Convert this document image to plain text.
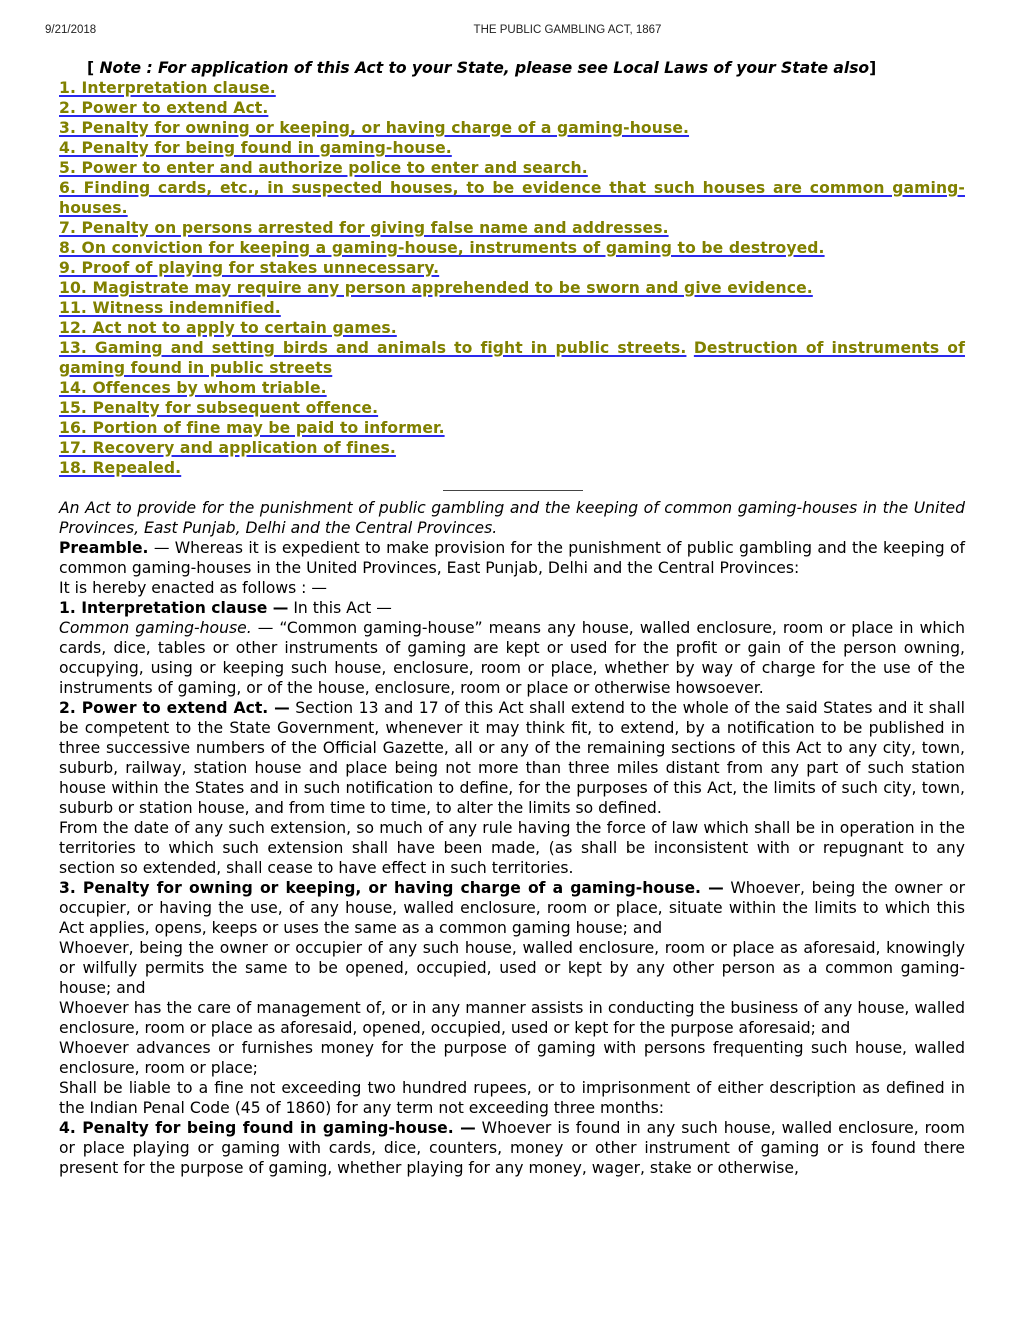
9/21/2018	THE PUBLIC GAMBLING ACT, 1867
[ Note : For application of this Act to your State, please see Local Laws of your State also]
1. Interpretation clause.
2. Power to extend Act.
3. Penalty for owning or keeping, or having charge of a gaming-house.
4. Penalty for being found in gaming-house.
5. Power to enter and authorize police to enter and search.
6. Finding cards, etc., in suspected houses, to be evidence that such houses are common gaming-houses.
7. Penalty on persons arrested for giving false name and addresses.
8. On conviction for keeping a gaming-house, instruments of gaming to be destroyed.
9. Proof of playing for stakes unnecessary.
10. Magistrate may require any person apprehended to be sworn and give evidence.
11. Witness indemnified.
12. Act not to apply to certain games.
13. Gaming and setting birds and animals to fight in public streets. Destruction of instruments of gaming found in public streets
14. Offences by whom triable.
15. Penalty for subsequent offence.
16. Portion of fine may be paid to informer.
17. Recovery and application of fines.
18. Repealed.

An Act to provide for the punishment of public gambling and the keeping of common gaming-houses in the United Provinces, East Punjab, Delhi and the Central Provinces.

Preamble. — Whereas it is expedient to make provision for the punishment of public gambling and the keeping of common gaming-houses in the United Provinces, East Punjab, Delhi and the Central Provinces:

It is hereby enacted as follows : —

1. Interpretation clause — In this Act —

Common gaming-house. — “Common gaming-house” means any house, walled enclosure, room or place in which cards, dice, tables or other instruments of gaming are kept or used for the profit or gain of the person owning, occupying, using or keeping such house, enclosure, room or place, whether by way of charge for the use of the instruments of gaming, or of the house, enclosure, room or place or otherwise howsoever.

2. Power to extend Act. — Section 13 and 17 of this Act shall extend to the whole of the said States and it shall be competent to the State Government, whenever it may think fit, to extend, by a notification to be published in three successive numbers of the Official Gazette, all or any of the remaining sections of this Act to any city, town, suburb, railway, station house and place being not more than three miles distant from any part of such station house within the States and in such notification to define, for the purposes of this Act, the limits of such city, town, suburb or station house, and from time to time, to alter the limits so defined.

From the date of any such extension, so much of any rule having the force of law which shall be in operation in the territories to which such extension shall have been made, (as shall be inconsistent with or repugnant to any section so extended, shall cease to have effect in such territories.

3. Penalty for owning or keeping, or having charge of a gaming-house. — Whoever, being the owner or occupier, or having the use, of any house, walled enclosure, room or place, situate within the limits to which this Act applies, opens, keeps or uses the same as a common gaming house; and

Whoever, being the owner or occupier of any such house, walled enclosure, room or place as aforesaid, knowingly or wilfully permits the same to be opened, occupied, used or kept by any other person as a common gaming-house; and

Whoever has the care of management of, or in any manner assists in conducting the business of any house, walled enclosure, room or place as aforesaid, opened, occupied, used or kept for the purpose aforesaid; and

Whoever advances or furnishes money for the purpose of gaming with persons frequenting such house, walled enclosure, room or place;

Shall be liable to a fine not exceeding two hundred rupees, or to imprisonment of either description as defined in the Indian Penal Code (45 of 1860) for any term not exceeding three months:

4. Penalty for being found in gaming-house. — Whoever is found in any such house, walled enclosure, room or place playing or gaming with cards, dice, counters, money or other instrument of gaming or is found there present for the purpose of gaming, whether playing for any money, wager, stake or otherwise,
